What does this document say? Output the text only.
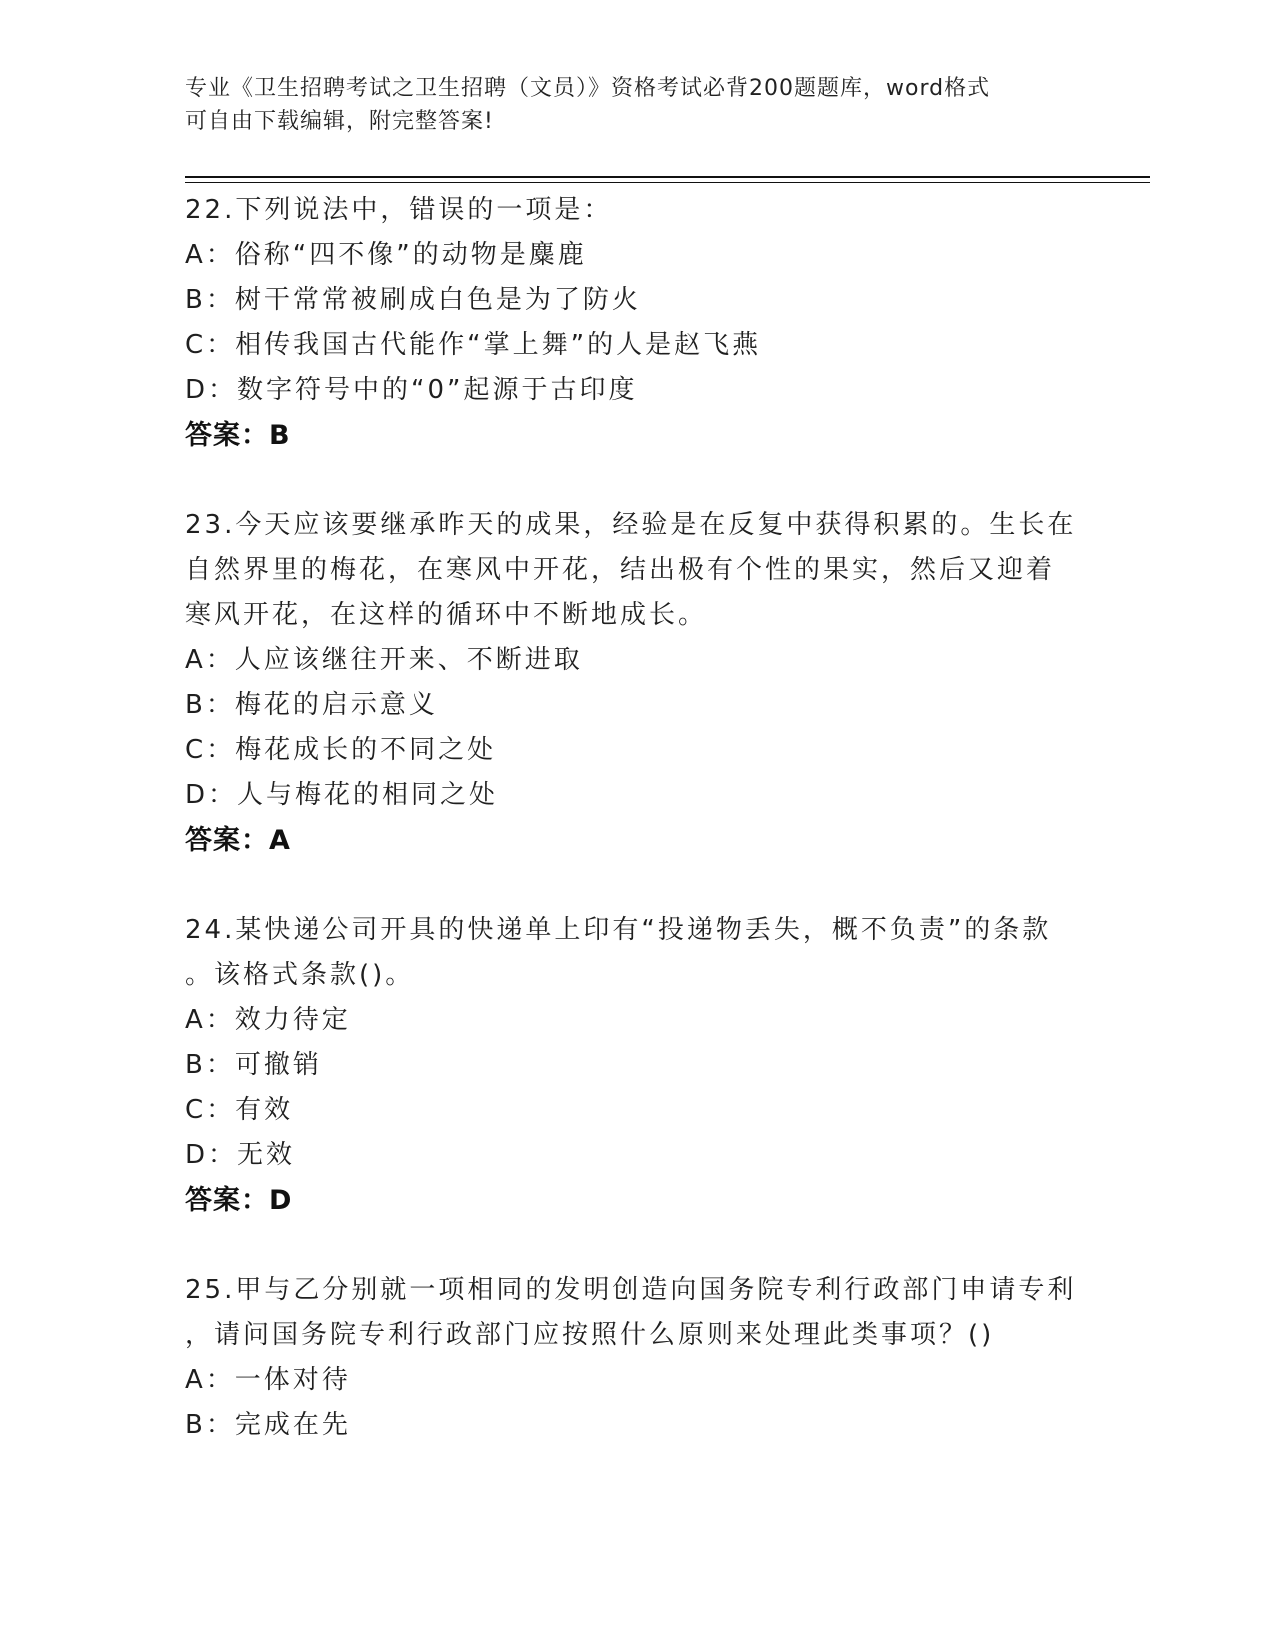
专业《卫生招聘考试之卫生招聘（文员）》资格考试必背200题题库，word格式
可自由下载编辑，附完整答案!
22.下列说法中，错误的一项是：
A：俗称“四不像”的动物是麋鹿
B：树干常常被刷成白色是为了防火
C：相传我国古代能作“掌上舞”的人是赵飞燕
D：数字符号中的“0”起源于古印度
答案：B
23.今天应该要继承昨天的成果，经验是在反复中获得积累的。生长在
自然界里的梅花，在寒风中开花，结出极有个性的果实，然后又迎着
寒风开花，在这样的循环中不断地成长。
A：人应该继往开来、不断进取
B：梅花的启示意义
C：梅花成长的不同之处
D：人与梅花的相同之处
答案：A
24.某快递公司开具的快递单上印有“投递物丢失，概不负责”的条款
。该格式条款()。
A：效力待定
B：可撤销
C：有效
D：无效
答案：D
25.甲与乙分别就一项相同的发明创造向国务院专利行政部门申请专利
，请问国务院专利行政部门应按照什么原则来处理此类事项？()
A：一体对待
B：完成在先
